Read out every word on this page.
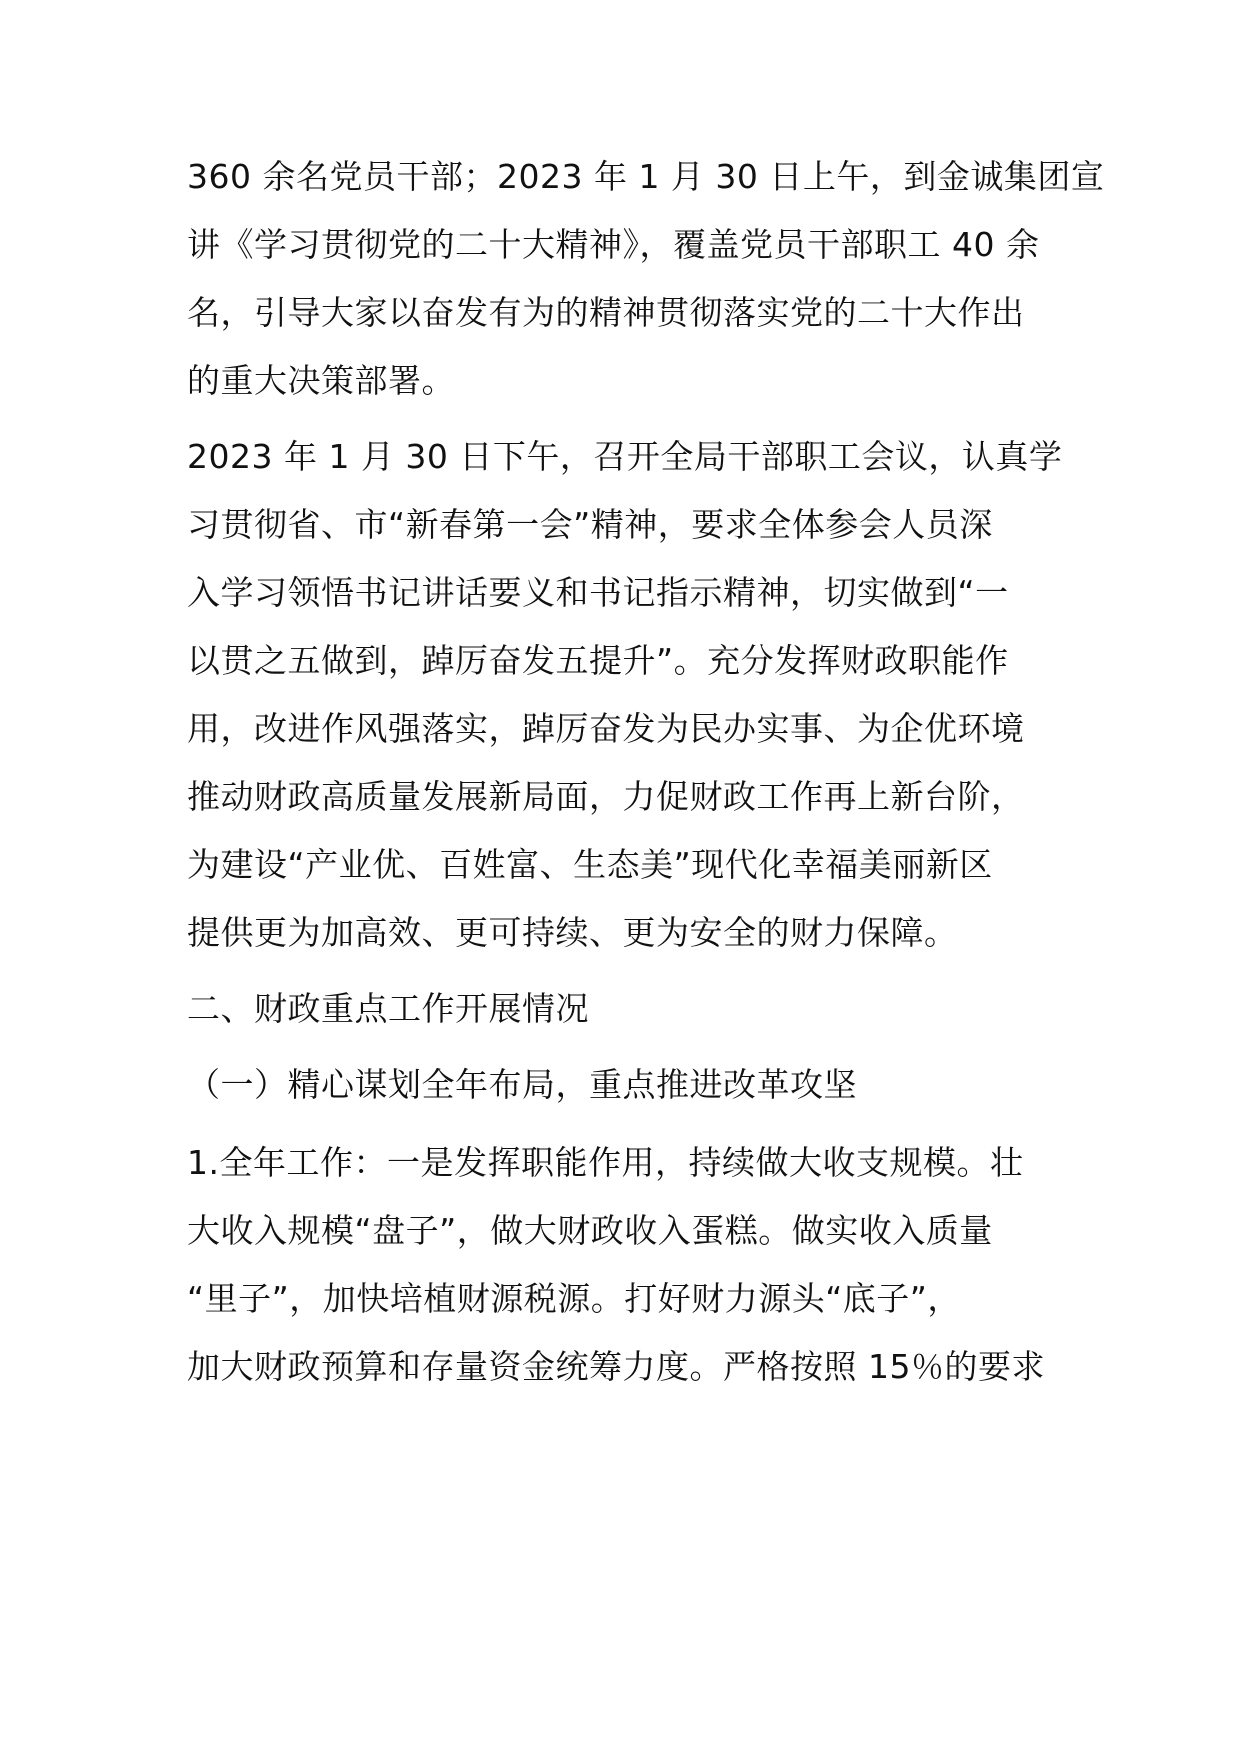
360 余名党员干部；2023 年 1 月 30 日上午，到金诚集团宣
讲《学习贯彻党的二十大精神》，覆盖党员干部职工 40 余
名，引导大家以奋发有为的精神贯彻落实党的二十大作出
的重大决策部署。
2023 年 1 月 30 日下午，召开全局干部职工会议，认真学
习贯彻省、市“新春第一会”精神，要求全体参会人员深
入学习领悟书记讲话要义和书记指示精神，切实做到“一
以贯之五做到，踔厉奋发五提升”。充分发挥财政职能作
用，改进作风强落实，踔厉奋发为民办实事、为企优环境
推动财政高质量发展新局面，力促财政工作再上新台阶，
为建设“产业优、百姓富、生态美”现代化幸福美丽新区
提供更为加高效、更可持续、更为安全的财力保障。
二、财政重点工作开展情况
（一）精心谋划全年布局，重点推进改革攻坚
1.全年工作：一是发挥职能作用，持续做大收支规模。壮
大收入规模“盘子”，做大财政收入蛋糕。做实收入质量
“里子”，加快培植财源税源。打好财力源头“底子”，
加大财政预算和存量资金统筹力度。严格按照 15％的要求
